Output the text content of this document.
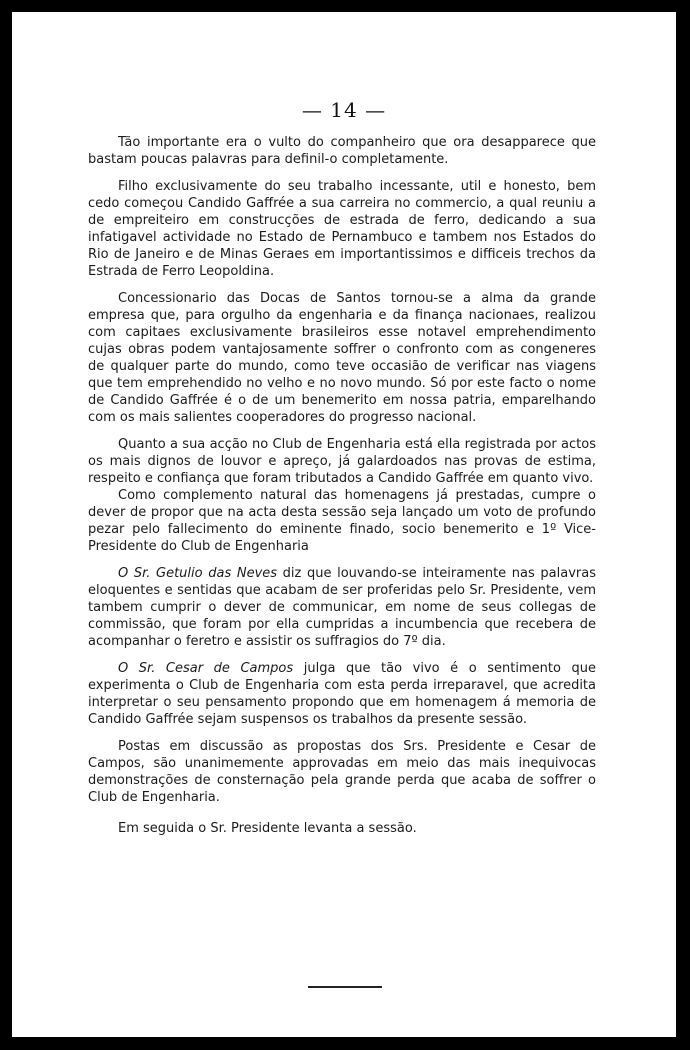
— 14 —

Tão importante era o vulto do companheiro que ora desapparece que bastam poucas palavras para definil-o completamente.

Filho exclusivamente do seu trabalho incessante, util e honesto, bem cedo começou Candido Gaffrée a sua carreira no commercio, a qual reuniu a de empreiteiro em construcções de estrada de ferro, dedicando a sua infatigavel actividade no Estado de Pernambuco e tambem nos Estados do Rio de Janeiro e de Minas Geraes em importantissimos e difficeis trechos da Estrada de Ferro Leopoldina.

Concessionario das Docas de Santos tornou-se a alma da grande empresa que, para orgulho da engenharia e da finança nacionaes, realizou com capitaes exclusivamente brasileiros esse notavel emprehendimento cujas obras podem vantajosamente soffrer o confronto com as congeneres de qualquer parte do mundo, como teve occasião de verificar nas viagens que tem emprehendido no velho e no novo mundo. Só por este facto o nome de Candido Gaffrée é o de um benemerito em nossa patria, emparelhando com os mais salientes cooperadores do progresso nacional.

Quanto a sua acção no Club de Engenharia está ella registrada por actos os mais dignos de louvor e apreço, já galardoados nas provas de estima, respeito e confiança que foram tributados a Candido Gaffrée em quanto vivo.

Como complemento natural das homenagens já prestadas, cumpre o dever de propor que na acta desta sessão seja lançado um voto de profundo pezar pelo fallecimento do eminente finado, socio benemerito e 1º Vice-Presidente do Club de Engenharia

O Sr. Getulio das Neves diz que louvando-se inteiramente nas palavras eloquentes e sentidas que acabam de ser proferidas pelo Sr. Presidente, vem tambem cumprir o dever de communicar, em nome de seus collegas de commissão, que foram por ella cumpridas a incumbencia que recebera de acompanhar o feretro e assistir os suffragios do 7º dia.

O Sr. Cesar de Campos julga que tão vivo é o sentimento que experimenta o Club de Engenharia com esta perda irreparavel, que acredita interpretar o seu pensamento propondo que em homenagem á memoria de Candido Gaffrée sejam suspensos os trabalhos da presente sessão.

Postas em discussão as propostas dos Srs. Presidente e Cesar de Campos, são unanimemente approvadas em meio das mais inequivocas demonstrações de consternação pela grande perda que acaba de soffrer o Club de Engenharia.

Em seguida o Sr. Presidente levanta a sessão.
